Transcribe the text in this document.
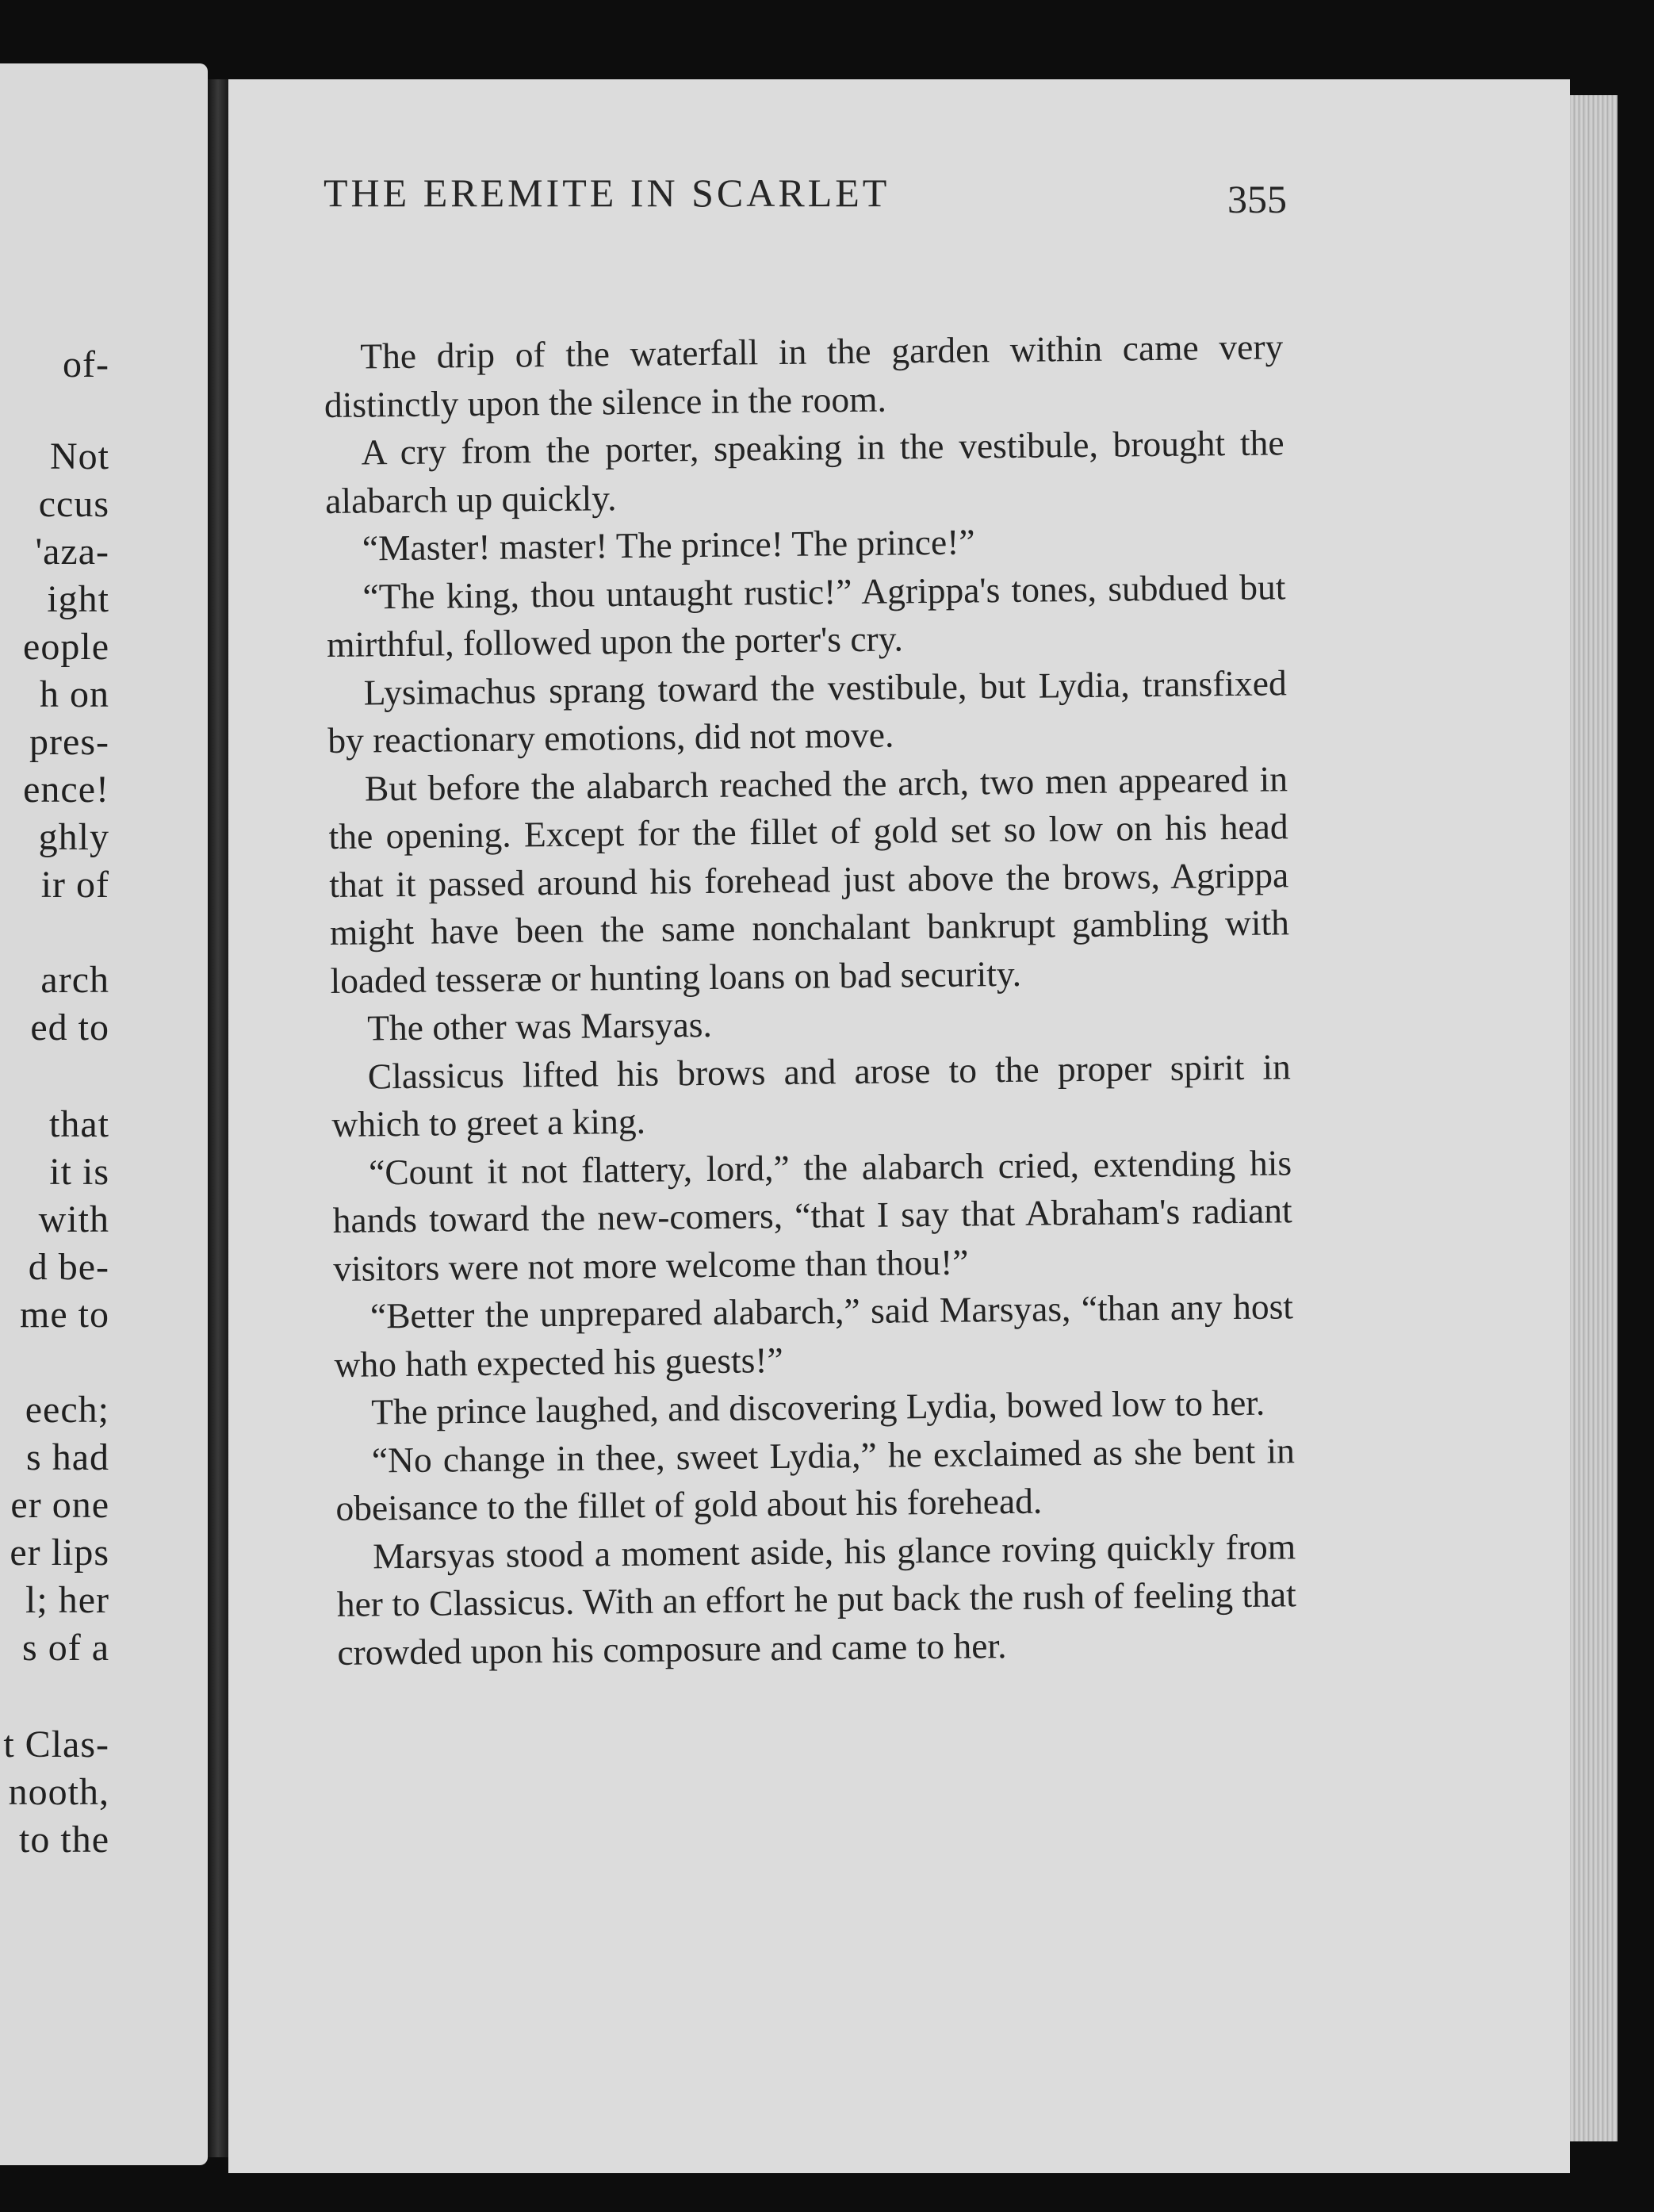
of-
Not
ccus
'aza-
ight
eople
h on
pres-
ence!
ghly
ir of
arch
ed to
that
it is
with
d be-
me to
eech;
s had
er one
er lips
l; her
s of a
t Clas-
nooth,
to the
THE EREMITE IN SCARLET	355

The drip of the waterfall in the garden within came very distinctly upon the silence in the room.

A cry from the porter, speaking in the vestibule, brought the alabarch up quickly.

“Master! master! The prince! The prince!”

“The king, thou untaught rustic!” Agrippa's tones, subdued but mirthful, followed upon the porter's cry.

Lysimachus sprang toward the vestibule, but Lydia, transfixed by reactionary emotions, did not move.

But before the alabarch reached the arch, two men appeared in the opening. Except for the fillet of gold set so low on his head that it passed around his forehead just above the brows, Agrippa might have been the same nonchalant bankrupt gambling with loaded tesseræ or hunting loans on bad security.

The other was Marsyas.

Classicus lifted his brows and arose to the proper spirit in which to greet a king.

“Count it not flattery, lord,” the alabarch cried, extending his hands toward the new-comers, “that I say that Abraham's radiant visitors were not more welcome than thou!”

“Better the unprepared alabarch,” said Marsyas, “than any host who hath expected his guests!”

The prince laughed, and discovering Lydia, bowed low to her.

“No change in thee, sweet Lydia,” he exclaimed as she bent in obeisance to the fillet of gold about his forehead.

Marsyas stood a moment aside, his glance roving quickly from her to Classicus. With an effort he put back the rush of feeling that crowded upon his composure and came to her.
